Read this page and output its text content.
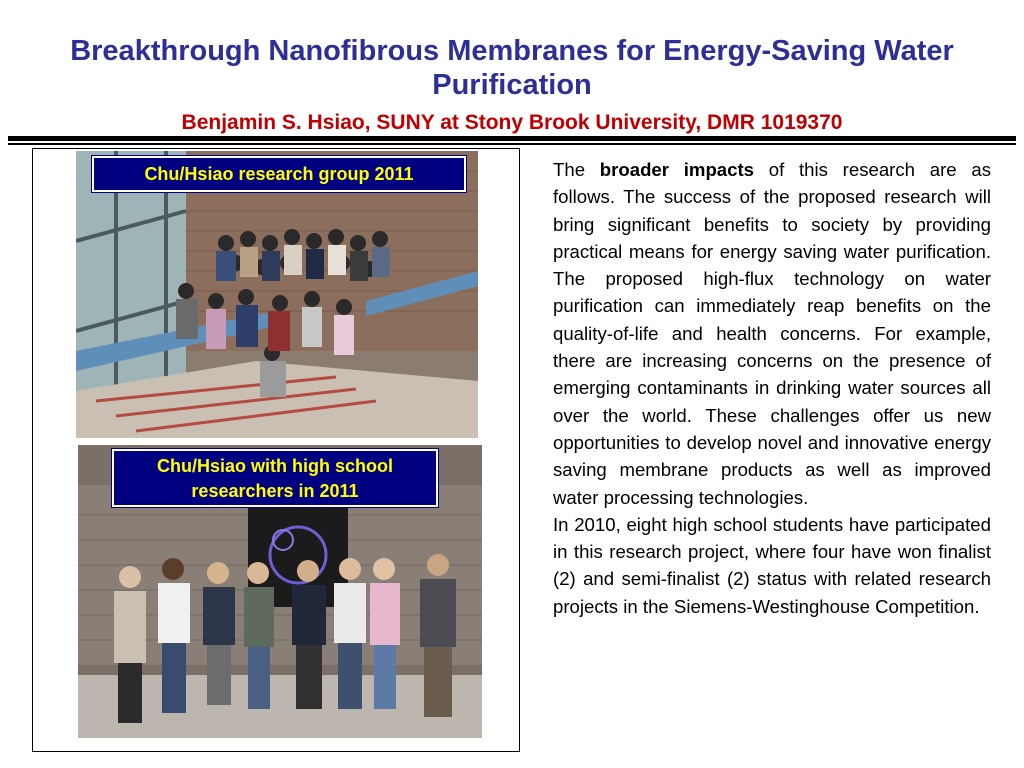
Breakthrough Nanofibrous Membranes for Energy-Saving Water Purification
Benjamin S. Hsiao, SUNY at Stony Brook University, DMR 1019370
Chu/Hsiao research group 2011
Chu/Hsiao with high school researchers in 2011

The broader impacts of this research are as follows. The success of the proposed research will bring significant benefits to society by providing practical means for energy saving water purification. The proposed high-flux technology on water purification can immediately reap benefits on the quality-of-life and health concerns. For example, there are increasing concerns on the presence of emerging contaminants in drinking water sources all over the world. These challenges offer us new opportunities to develop novel and innovative energy saving membrane products as well as improved water processing technologies.

In 2010, eight high school students have participated in this research project, where four have won finalist (2) and semi-finalist (2) status with related research projects in the Siemens-Westinghouse Competition.
